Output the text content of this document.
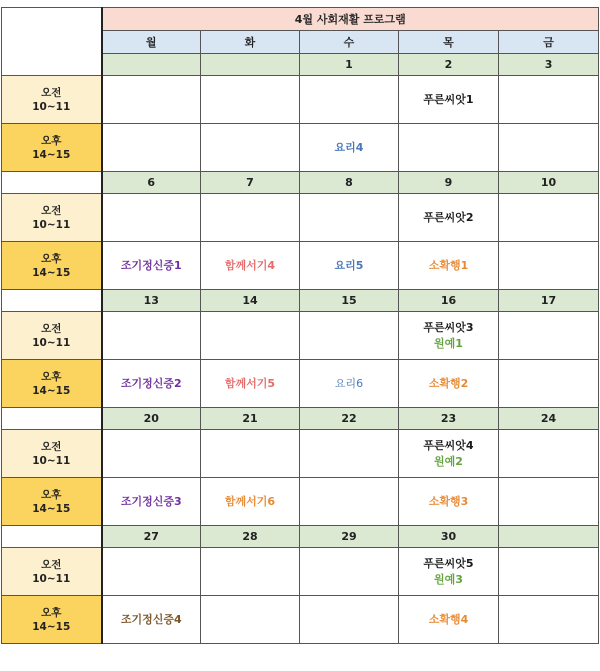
	4월 사회재활 프로그램				
	월	화	수	목	금
			1	2	3

오전
10~11				푸른씨앗1	

오후
14~15			요리4		

	6	7	8	9	10

오전
10~11				푸른씨앗2	

오후
14~15	조기정신증1	함께서기4	요리5	소확행1	

	13	14	15	16	17

오전
10~11				푸른씨앗3
원예1	

오후
14~15	조기정신증2	함께서기5	요리6	소확행2	

	20	21	22	23	24

오전
10~11				푸른씨앗4
원예2	

오후
14~15	조기정신증3	함께서기6		소확행3	

	27	28	29	30	

오전
10~11				푸른씨앗5
원예3	

오후
14~15	조기정신증4			소확행4	
